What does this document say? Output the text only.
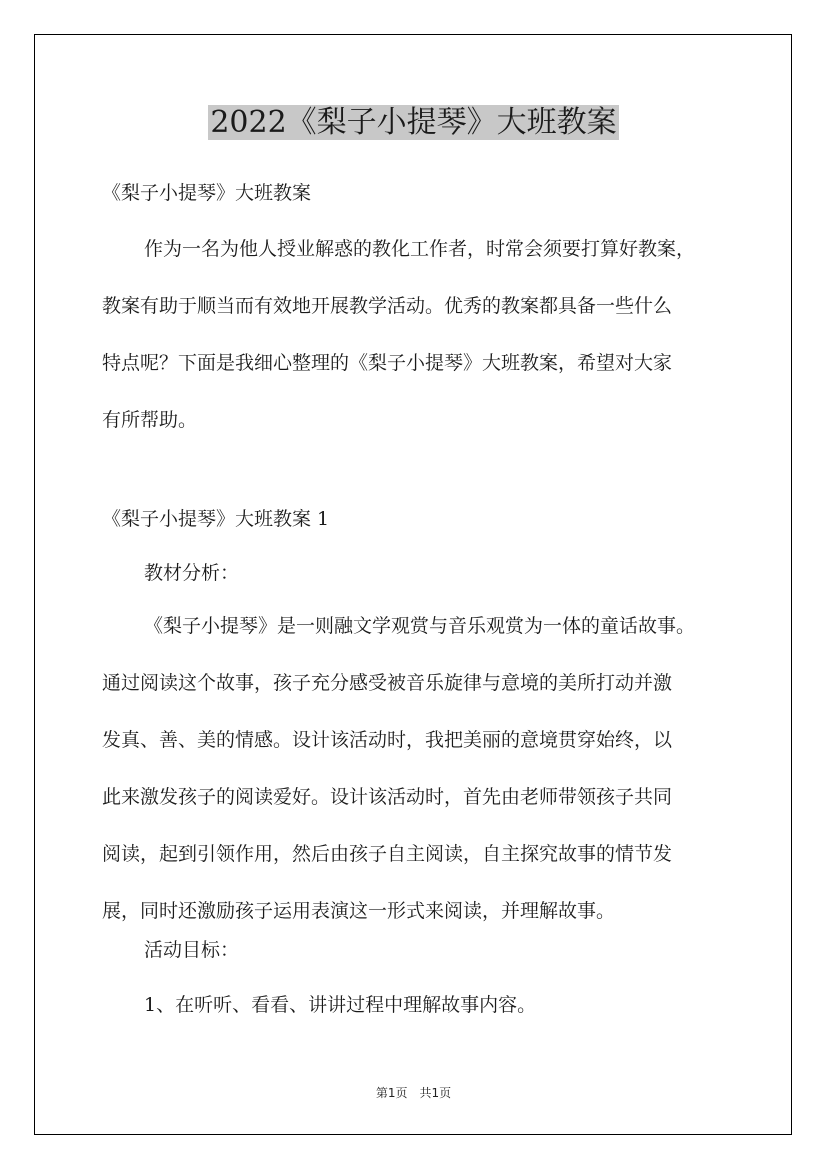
2022《梨子小提琴》大班教案

《梨子小提琴》大班教案

作为一名为他人授业解惑的教化工作者，时常会须要打算好教案，
教案有助于顺当而有效地开展教学活动。优秀的教案都具备一些什么
特点呢？下面是我细心整理的《梨子小提琴》大班教案，希望对大家
有所帮助。

《梨子小提琴》大班教案 1

教材分析：

《梨子小提琴》是一则融文学观赏与音乐观赏为一体的童话故事。
通过阅读这个故事，孩子充分感受被音乐旋律与意境的美所打动并激
发真、善、美的情感。设计该活动时，我把美丽的意境贯穿始终，以
此来激发孩子的阅读爱好。设计该活动时，首先由老师带领孩子共同
阅读，起到引领作用，然后由孩子自主阅读，自主探究故事的情节发
展，同时还激励孩子运用表演这一形式来阅读，并理解故事。

活动目标：

1、在听听、看看、讲讲过程中理解故事内容。

第1页　共1页
